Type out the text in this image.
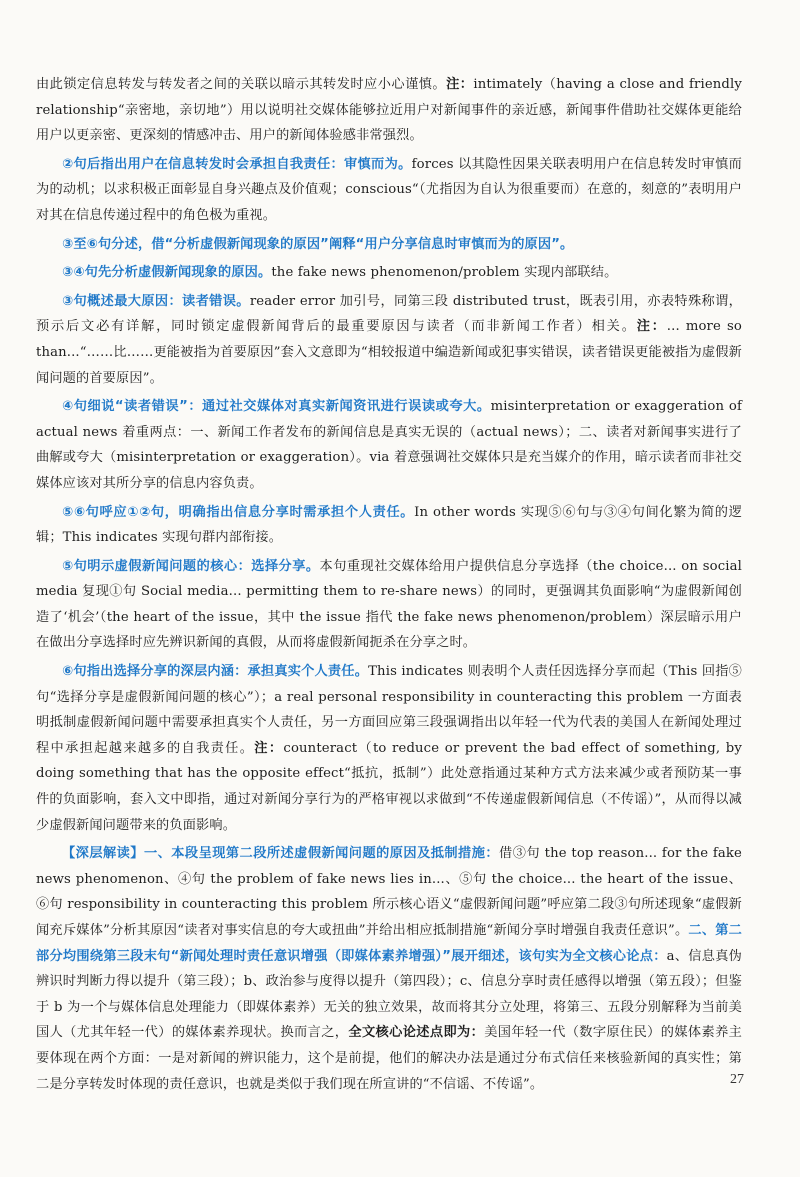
由此锁定信息转发与转发者之间的关联以暗示其转发时应小心谨慎。注：intimately（having a close and friendly relationship“亲密地，亲切地”）用以说明社交媒体能够拉近用户对新闻事件的亲近感，新闻事件借助社交媒体更能给用户以更亲密、更深刻的情感冲击、用户的新闻体验感非常强烈。

②句后指出用户在信息转发时会承担自我责任：审慎而为。forces 以其隐性因果关联表明用户在信息转发时审慎而为的动机；以求积极正面彰显自身兴趣点及价值观；conscious“（尤指因为自认为很重要而）在意的，刻意的”表明用户对其在信息传递过程中的角色极为重视。

③至⑥句分述，借“分析虚假新闻现象的原因”阐释“用户分享信息时审慎而为的原因”。

③④句先分析虚假新闻现象的原因。the fake news phenomenon/problem 实现内部联结。

③句概述最大原因：读者错误。reader error 加引号，同第三段 distributed trust，既表引用，亦表特殊称谓，预示后文必有详解，同时锁定虚假新闻背后的最重要原因与读者（而非新闻工作者）相关。注：... more so than...“……比……更能被指为首要原因”套入文意即为“相较报道中编造新闻或犯事实错误，读者错误更能被指为虚假新闻问题的首要原因”。

④句细说“读者错误”：通过社交媒体对真实新闻资讯进行误读或夸大。misinterpretation or exaggeration of actual news 着重两点：一、新闻工作者发布的新闻信息是真实无误的（actual news）；二、读者对新闻事实进行了曲解或夸大（misinterpretation or exaggeration）。via 着意强调社交媒体只是充当媒介的作用，暗示读者而非社交媒体应该对其所分享的信息内容负责。

⑤⑥句呼应①②句，明确指出信息分享时需承担个人责任。In other words 实现⑤⑥句与③④句间化繁为简的逻辑；This indicates 实现句群内部衔接。

⑤句明示虚假新闻问题的核心：选择分享。本句重现社交媒体给用户提供信息分享选择（the choice... on social media 复现①句 Social media... permitting them to re-share news）的同时，更强调其负面影响“为虚假新闻创造了‘机会’（the heart of the issue，其中 the issue 指代 the fake news phenomenon/problem）深层暗示用户在做出分享选择时应先辨识新闻的真假，从而将虚假新闻扼杀在分享之时。

⑥句指出选择分享的深层内涵：承担真实个人责任。This indicates 则表明个人责任因选择分享而起（This 回指⑤句“选择分享是虚假新闻问题的核心”）；a real personal responsibility in counteracting this problem 一方面表明抵制虚假新闻问题中需要承担真实个人责任，另一方面回应第三段强调指出以年轻一代为代表的美国人在新闻处理过程中承担起越来越多的自我责任。注：counteract（to reduce or prevent the bad effect of something, by doing something that has the opposite effect“抵抗，抵制”）此处意指通过某种方式方法来减少或者预防某一事件的负面影响，套入文中即指，通过对新闻分享行为的严格审视以求做到“不传递虚假新闻信息（不传谣）”，从而得以减少虚假新闻问题带来的负面影响。

【深层解读】一、本段呈现第二段所述虚假新闻问题的原因及抵制措施：借③句 the top reason... for the fake news phenomenon、④句 the problem of fake news lies in...、⑤句 the choice... the heart of the issue、⑥句 responsibility in counteracting this problem 所示核心语义“虚假新闻问题”呼应第二段③句所述现象“虚假新闻充斥媒体”分析其原因“读者对事实信息的夸大或扭曲”并给出相应抵制措施“新闻分享时增强自我责任意识”。二、第二部分均围绕第三段末句“新闻处理时责任意识增强（即媒体素养增强）”展开细述，该句实为全文核心论点：a、信息真伪辨识时判断力得以提升（第三段）；b、政治参与度得以提升（第四段）；c、信息分享时责任感得以增强（第五段）；但鉴于 b 为一个与媒体信息处理能力（即媒体素养）无关的独立效果，故而将其分立处理，将第三、五段分别解释为当前美国人（尤其年轻一代）的媒体素养现状。换而言之，全文核心论述点即为：美国年轻一代（数字原住民）的媒体素养主要体现在两个方面：一是对新闻的辨识能力，这个是前提，他们的解决办法是通过分布式信任来核验新闻的真实性；第二是分享转发时体现的责任意识，也就是类似于我们现在所宣讲的“不信谣、不传谣”。	27
